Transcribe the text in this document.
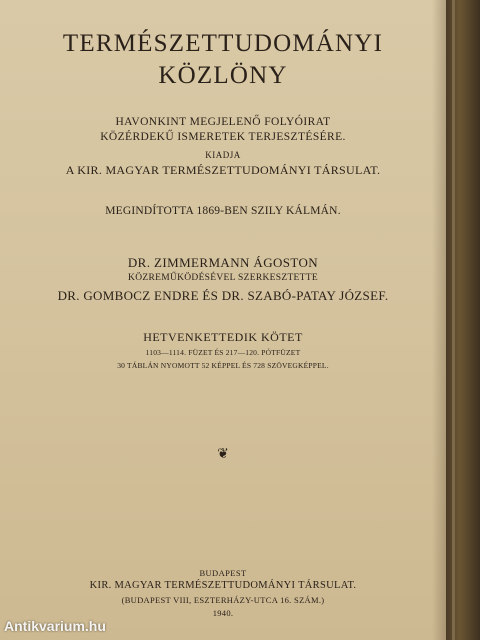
TERMÉSZETTUDOMÁNYI
KÖZLÖNY
HAVONKINT MEGJELENŐ FOLYÓIRAT
KÖZÉRDEKŰ ISMERETEK TERJESZTÉSÉRE.
KIADJA
A KIR. MAGYAR TERMÉSZETTUDOMÁNYI TÁRSULAT.
MEGINDÍTOTTA 1869-BEN SZILY KÁLMÁN.
DR. ZIMMERMANN ÁGOSTON
KÖZREMŰKÖDÉSÉVEL SZERKESZTETTE
DR. GOMBOCZ ENDRE ÉS DR. SZABÓ-PATAY JÓZSEF.
HETVENKETTEDIK KÖTET
1103—1114. FÜZET ÉS 217—120. PÓTFÜZET
30 TÁBLÁN NYOMOTT 52 KÉPPEL ÉS 728 SZÖVEGKÉPPEL.
❦
BUDAPEST
KIR. MAGYAR TERMÉSZETTUDOMÁNYI TÁRSULAT.
(BUDAPEST VIII, ESZTERHÁZY-UTCA 16. SZÁM.)
1940.
Antikvarium.hu
